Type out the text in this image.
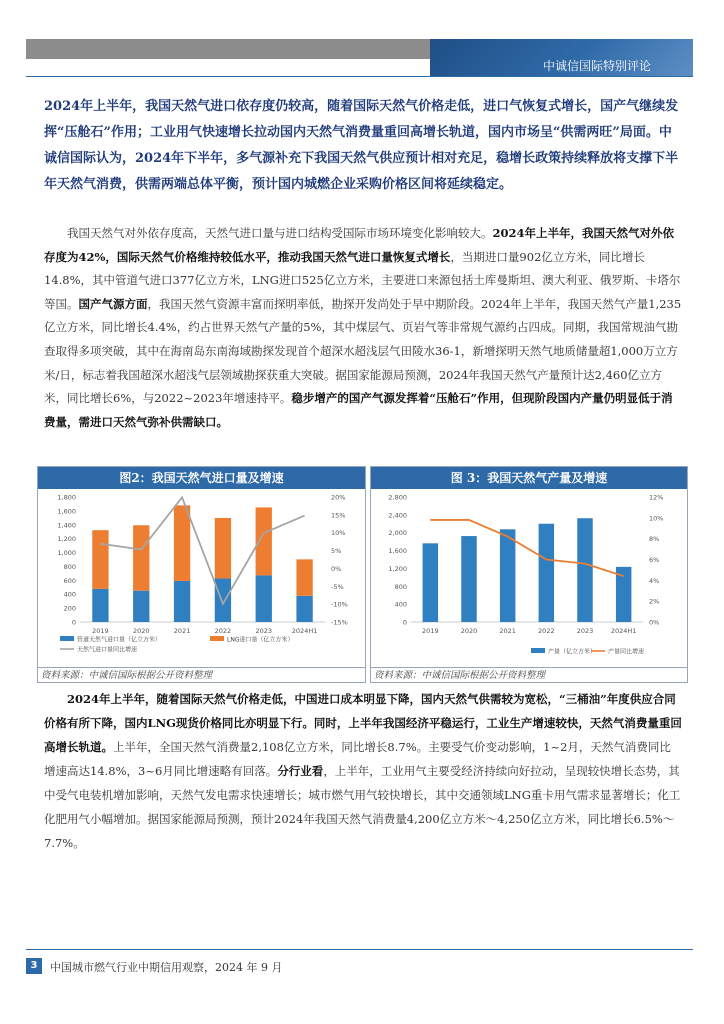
中诚信国际特别评论
2024年上半年，我国天然气进口依存度仍较高，随着国际天然气价格走低，进口气恢复式增长，国产气继续发挥“压舱石”作用；工业用气快速增长拉动国内天然气消费量重回高增长轨道，国内市场呈“供需两旺”局面。中诚信国际认为，2024年下半年，多气源补充下我国天然气供应预计相对充足，稳增长政策持续释放将支撑下半年天然气消费，供需两端总体平衡，预计国内城燃企业采购价格区间将延续稳定。
我国天然气对外依存度高，天然气进口量与进口结构受国际市场环境变化影响较大。2024年上半年，我国天然气对外依存度为42%，国际天然气价格维持较低水平，推动我国天然气进口量恢复式增长，当期进口量902亿立方米，同比增长14.8%，其中管道气进口377亿立方米，LNG进口525亿立方米，主要进口来源包括土库曼斯坦、澳大利亚、俄罗斯、卡塔尔等国。国产气源方面，我国天然气资源丰富而探明率低，勘探开发尚处于早中期阶段。2024年上半年，我国天然气产量1,235亿立方米，同比增长4.4%，约占世界天然气产量的5%，其中煤层气、页岩气等非常规气源约占四成。同期，我国常规油气勘查取得多项突破，其中在海南岛东南海域勘探发现首个超深水超浅层气田陵水36-1，新增探明天然气地质储量超1,000万立方米/日，标志着我国超深水超浅气层领域勘探获重大突破。据国家能源局预测，2024年我国天然气产量预计达2,460亿立方米，同比增长6%，与2022~2023年增速持平。稳步增产的国产气源发挥着“压舱石”作用，但现阶段国内产量仍明显低于消费量，需进口天然气弥补供需缺口。
图2：我国天然气进口量及增速
0
200
400
600
800
1,000
1,200
1,400
1,600
1,800
-15%
-10%
-5%
0%
5%
10%
15%
20%
2019	2020	2021	2022	2023	2024H1
管道天然气进口量（亿立方米）	LNG进口量（亿立方米）
天然气进口量同比增速
资料来源：中诚信国际根据公开资料整理
图 3：我国天然气产量及增速
0
400
800
1,200
1,600
2,000
2,400
2,800
0%
2%
4%
6%
8%
10%
12%
2019	2020	2021	2022	2023	2024H1
产量（亿立方米） 产量同比增速
资料来源：中诚信国际根据公开资料整理
2024年上半年，随着国际天然气价格走低，中国进口成本明显下降，国内天然气供需较为宽松，“三桶油”年度供应合同价格有所下降，国内LNG现货价格同比亦明显下行。同时，上半年我国经济平稳运行，工业生产增速较快，天然气消费量重回高增长轨道。上半年，全国天然气消费量2,108亿立方米，同比增长8.7%。主要受气价变动影响，1~2月，天然气消费同比增速高达14.8%，3~6月同比增速略有回落。分行业看，上半年，工业用气主要受经济持续向好拉动，呈现较快增长态势，其中受气电装机增加影响，天然气发电需求快速增长；城市燃气用气较快增长，其中交通领域LNG重卡用气需求显著增长；化工化肥用气小幅增加。据国家能源局预测，预计2024年我国天然气消费量4,200亿立方米～4,250亿立方米，同比增长6.5%～7.7%。
3	中国城市燃气行业中期信用观察，2024 年 9 月
